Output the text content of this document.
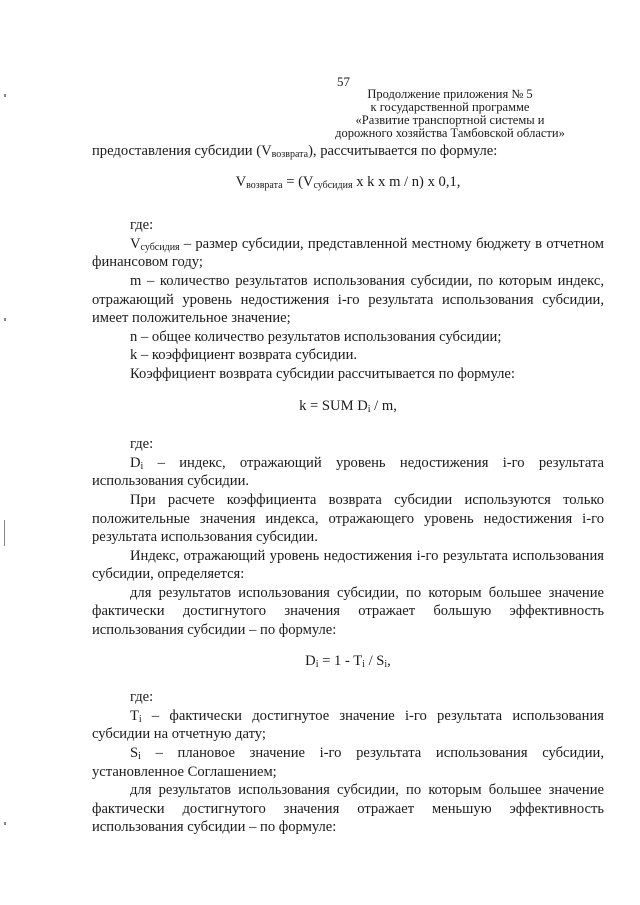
57
Продолжение приложения № 5
к государственной программе
«Развитие транспортной системы и
дорожного хозяйства Тамбовской области»

предоставления субсидии $(V_{возврата})$, рассчитывается по формуле:

$V_{возврата} = (V_{субсидия}$ x k x m / n) x 0,1,

где:

$V_{субсидия}$ – размер субсидии, представленной местному бюджету в отчетном финансовом году;

m – количество результатов использования субсидии, по которым индекс, отражающий уровень недостижения i-го результата использования субсидии, имеет положительное значение;

n – общее количество результатов использования субсидии;

k – коэффициент возврата субсидии.

Коэффициент возврата субсидии рассчитывается по формуле:

k = SUM $D_i$ / m,

где:

$D_i$ – индекс, отражающий уровень недостижения i-го результата использования субсидии.

При расчете коэффициента возврата субсидии используются только положительные значения индекса, отражающего уровень недостижения i-го результата использования субсидии.

Индекс, отражающий уровень недостижения i-го результата использования субсидии, определяется:

для результатов использования субсидии, по которым большее значение фактически достигнутого значения отражает большую эффективность использования субсидии – по формуле:

$D_i = 1 - T_i / S_i$,

где:

$T_i$ – фактически достигнутое значение i-го результата использования субсидии на отчетную дату;

$S_i$ – плановое значение i-го результата использования субсидии, установленное Соглашением;

для результатов использования субсидии, по которым большее значение фактически достигнутого значения отражает меньшую эффективность использования субсидии – по формуле:
